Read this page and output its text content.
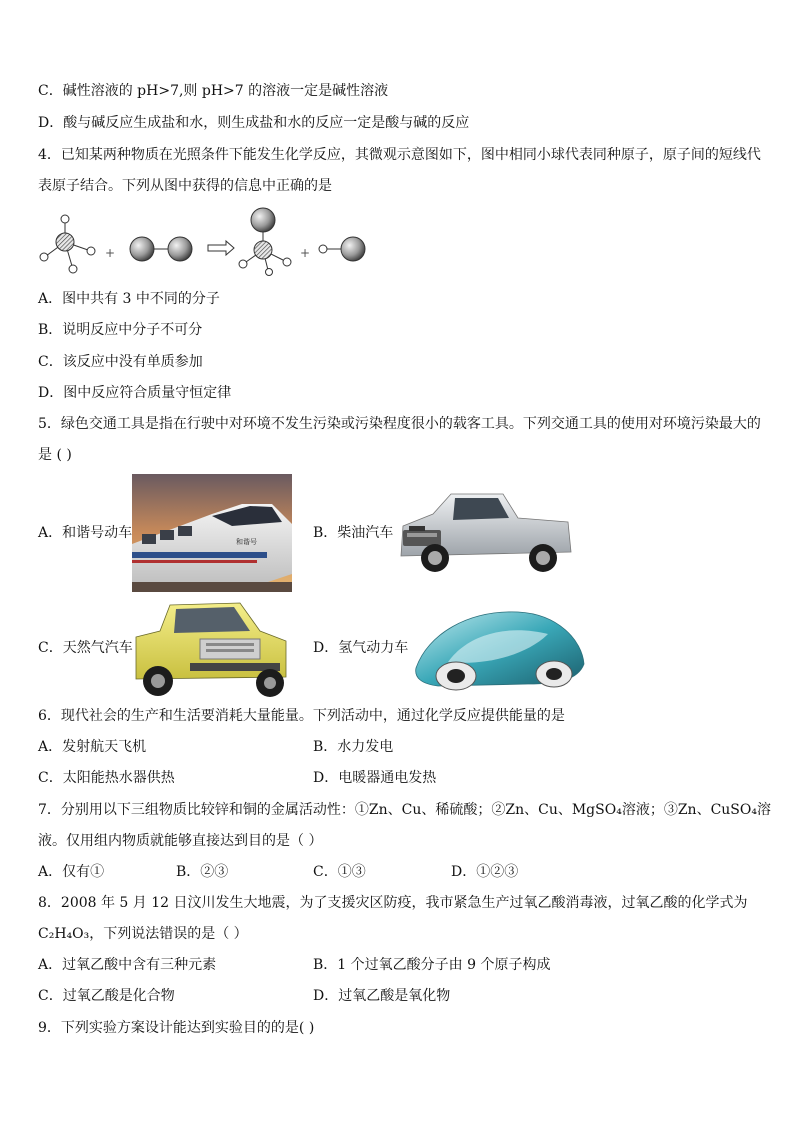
C．碱性溶液的 pH>7,则 pH>7 的溶液一定是碱性溶液
D．酸与碱反应生成盐和水，则生成盐和水的反应一定是酸与碱的反应
4．已知某两种物质在光照条件下能发生化学反应，其微观示意图如下，图中相同小球代表同种原子，原子间的短线代
表原子结合。下列从图中获得的信息中正确的是
+	+
A．图中共有 3 中不同的分子
B．说明反应中分子不可分
C．该反应中没有单质参加
D．图中反应符合质量守恒定律
5．绿色交通工具是指在行驶中对环境不发生污染或污染程度很小的载客工具。下列交通工具的使用对环境污染最大的
是 ( )
A．和谐号动车
和谐号
B．柴油汽车
C．天然气汽车	D．氢气动力车
6．现代社会的生产和生活要消耗大量能量。下列活动中，通过化学反应提供能量的是
A．发射航天飞机	B．水力发电
C．太阳能热水器供热	D．电暖器通电发热
7．分别用以下三组物质比较锌和铜的金属活动性：①Zn、Cu、稀硫酸；②Zn、Cu、MgSO₄溶液；③Zn、CuSO₄溶
液。仅用组内物质就能够直接达到目的是（ ）
A．仅有①	B．②③	C．①③	D．①②③
8．2008 年 5 月 12 日汶川发生大地震，为了支援灾区防疫，我市紧急生产过氧乙酸消毒液，过氧乙酸的化学式为
C₂H₄O₃，下列说法错误的是（ ）
A．过氧乙酸中含有三种元素	B．1 个过氧乙酸分子由 9 个原子构成
C．过氧乙酸是化合物	D．过氧乙酸是氧化物
9．下列实验方案设计能达到实验目的的是( )
